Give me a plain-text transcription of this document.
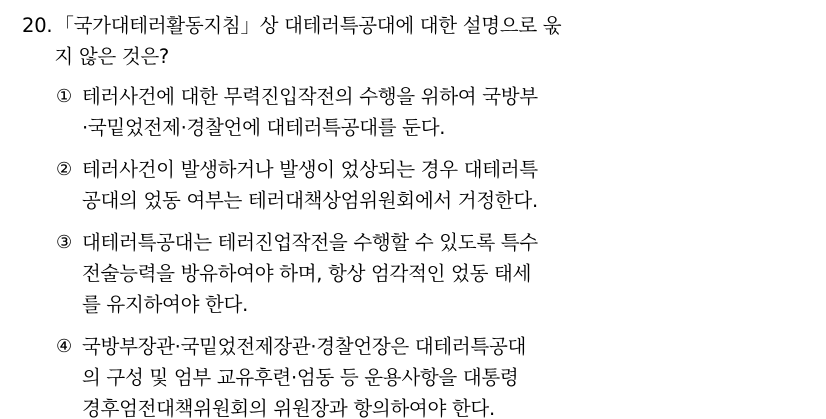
20. 「국가대테러활동지침」상 대테러특공대에 대한 설명으로 욳
지 않은 것은?
① 테러사건에 대한 무력진입작전의 수행을 위하여 국방부
·국밑었전제·경찰언에 대테러특공대를 둔다.
② 테러사건이 발생하거나 발생이 었상되는 경우 대테러특
공대의 었동 여부는 테러대책상엄위원회에서 거정한다.
③ 대테러특공대는 테러진업작전을 수행할 수 있도록 특수
전술능력을 방유하여야 하며, 항상 엄각적인 었동 태세
를 유지하여야 한다.
④ 국방부장관·국밑었전제장관·경찰언장은 대테러특공대
의 구성 및 엄부 교유후련·엄동 등 운용사항을 대통령
경후엄전대책위원회의 위원장과 항의하여야 한다.
